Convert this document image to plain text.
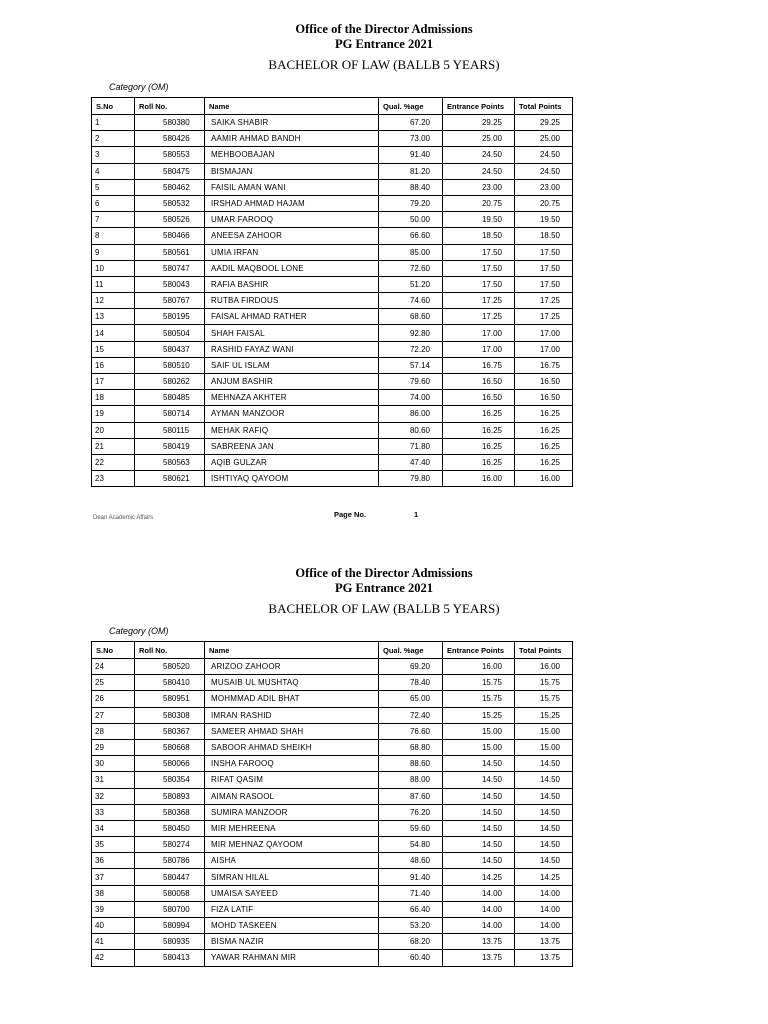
Office of the Director Admissions
PG Entrance 2021
BACHELOR OF LAW (BALLB 5 YEARS)
Category (OM)
S.No	Roll No.	Name	Qual. %age	Entrance Points	Total Points
1	580380	SAIKA SHABIR	67.20	29.25	29.25
2	580426	AAMIR AHMAD BANDH	73.00	25.00	25.00
3	580553	MEHBOOBAJAN	91.40	24.50	24.50
4	580475	BISMAJAN	81.20	24.50	24.50
5	580462	FAISIL AMAN WANI	88.40	23.00	23.00
6	580532	IRSHAD AHMAD HAJAM	79.20	20.75	20.75
7	580526	UMAR FAROOQ	50.00	19.50	19.50
8	580466	ANEESA ZAHOOR	66.60	18.50	18.50
9	580561	UMIA IRFAN	85.00	17.50	17.50
10	580747	AADIL MAQBOOL LONE	72.60	17.50	17.50
11	580043	RAFIA BASHIR	51.20	17.50	17.50
12	580767	RUTBA FIRDOUS	74.60	17.25	17.25
13	580195	FAISAL AHMAD RATHER	68.60	17.25	17.25
14	580504	SHAH FAISAL	92.80	17.00	17.00
15	580437	RASHID FAYAZ WANI	72.20	17.00	17.00
16	580510	SAIF UL ISLAM	57.14	16.75	16.75
17	580262	ANJUM BASHIR	79.60	16.50	16.50
18	580485	MEHNAZA AKHTER	74.00	16.50	16.50
19	580714	AYMAN MANZOOR	86.00	16.25	16.25
20	580115	MEHAK RAFIQ	80.60	16.25	16.25
21	580419	SABREENA JAN	71.80	16.25	16.25
22	580563	AQIB GULZAR	47.40	16.25	16.25
23	580621	ISHTIYAQ QAYOOM	79.80	16.00	16.00
Dean Academic Affairs	Page No.	1
Office of the Director Admissions
PG Entrance 2021
BACHELOR OF LAW (BALLB 5 YEARS)
Category (OM)
S.No	Roll No.	Name	Qual. %age	Entrance Points	Total Points
24	580520	ARIZOO ZAHOOR	69.20	16.00	16.00
25	580410	MUSAIB UL MUSHTAQ	78.40	15.75	15.75
26	580951	MOHMMAD ADIL BHAT	65.00	15.75	15.75
27	580308	IMRAN RASHID	72.40	15.25	15.25
28	580367	SAMEER AHMAD SHAH	76.60	15.00	15.00
29	580668	SABOOR AHMAD SHEIKH	68.80	15.00	15.00
30	580066	INSHA FAROOQ	88.60	14.50	14.50
31	580354	RIFAT QASIM	88.00	14.50	14.50
32	580893	AIMAN RASOOL	87.60	14.50	14.50
33	580368	SUMIRA MANZOOR	76.20	14.50	14.50
34	580450	MIR MEHREENA	59.60	14.50	14.50
35	580274	MIR MEHNAZ QAYOOM	54.80	14.50	14.50
36	580786	AISHA	48.60	14.50	14.50
37	580447	SIMRAN HILAL	91.40	14.25	14.25
38	580058	UMAISA SAYEED	71.40	14.00	14.00
39	580700	FIZA LATIF	66.40	14.00	14.00
40	580994	MOHD TASKEEN	53.20	14.00	14.00
41	580935	BISMA NAZIR	68.20	13.75	13.75
42	580413	YAWAR RAHMAN MIR	60.40	13.75	13.75
